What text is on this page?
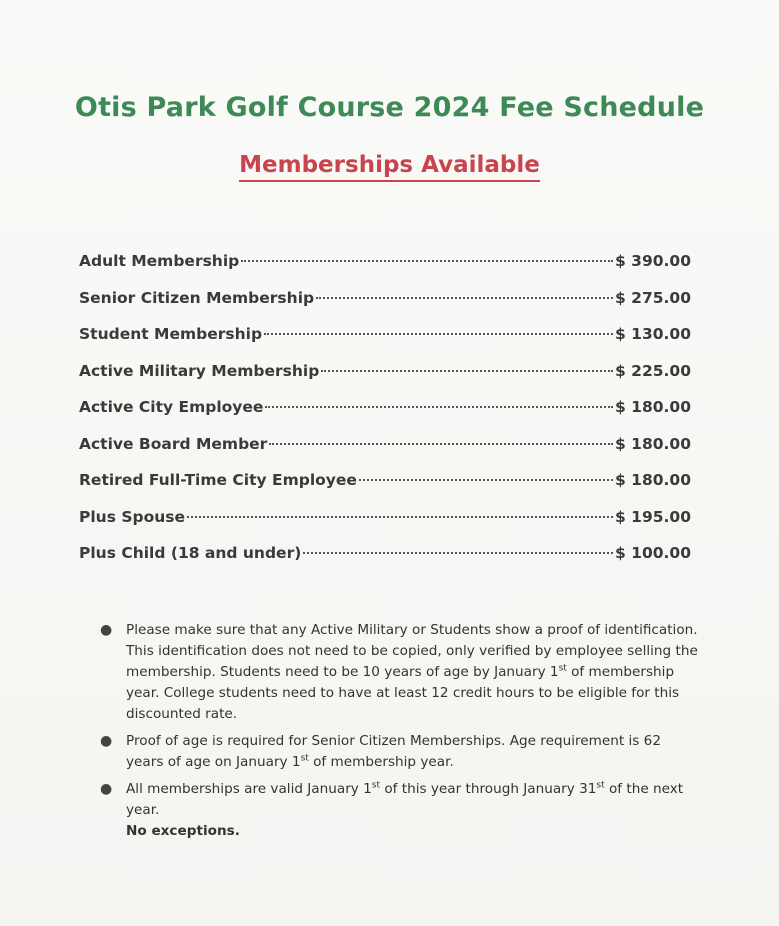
Otis Park Golf Course 2024 Fee Schedule
Memberships Available
Adult Membership	$ 390.00
Senior Citizen Membership	$ 275.00
Student Membership	$ 130.00
Active Military Membership	$ 225.00
Active City Employee	$ 180.00
Active Board Member	$ 180.00
Retired Full-Time City Employee	$ 180.00
Plus Spouse	$ 195.00
Plus Child (18 and under)	$ 100.00
●	Please make sure that any Active Military or Students show a proof of identification. This identification does not need to be copied, only verified by employee selling the membership. Students need to be 10 years of age by January 1st of membership year. College students need to have at least 12 credit hours to be eligible for this discounted rate.
●	Proof of age is required for Senior Citizen Memberships. Age requirement is 62 years of age on January 1st of membership year.
●	All memberships are valid January 1st of this year through January 31st of the next year.
No exceptions.
